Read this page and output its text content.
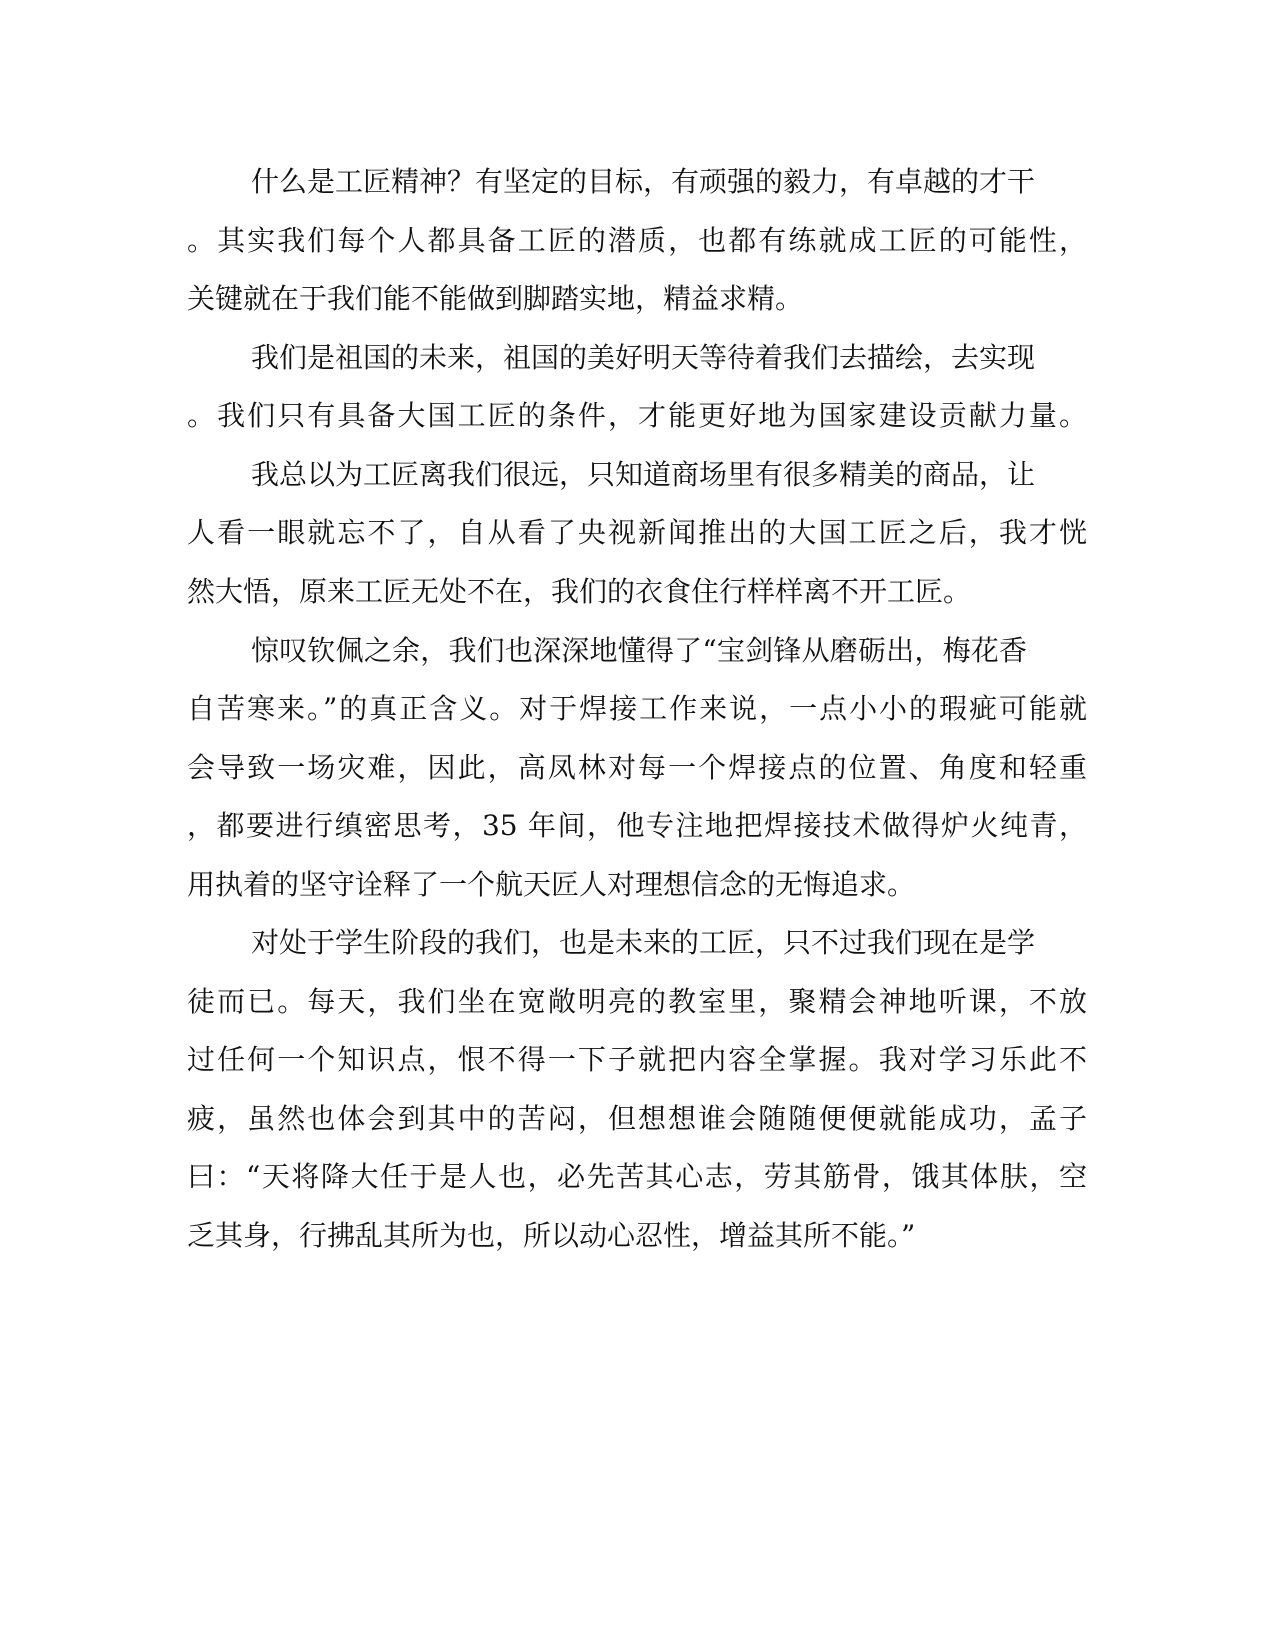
什么是工匠精神？有坚定的目标，有顽强的毅力，有卓越的才干
。其实我们每个人都具备工匠的潜质，也都有练就成工匠的可能性，
关键就在于我们能不能做到脚踏实地，精益求精。
我们是祖国的未来，祖国的美好明天等待着我们去描绘，去实现
。我们只有具备大国工匠的条件，才能更好地为国家建设贡献力量。
我总以为工匠离我们很远，只知道商场里有很多精美的商品，让
人看一眼就忘不了，自从看了央视新闻推出的大国工匠之后，我才恍
然大悟，原来工匠无处不在，我们的衣食住行样样离不开工匠。
惊叹钦佩之余，我们也深深地懂得了“宝剑锋从磨砺出，梅花香
自苦寒来。”的真正含义。对于焊接工作来说，一点小小的瑕疵可能就
会导致一场灾难，因此，高凤林对每一个焊接点的位置、角度和轻重
，都要进行缜密思考，35 年间，他专注地把焊接技术做得炉火纯青，
用执着的坚守诠释了一个航天匠人对理想信念的无悔追求。
对处于学生阶段的我们，也是未来的工匠，只不过我们现在是学
徒而已。每天，我们坐在宽敞明亮的教室里，聚精会神地听课，不放
过任何一个知识点，恨不得一下子就把内容全掌握。我对学习乐此不
疲，虽然也体会到其中的苦闷，但想想谁会随随便便就能成功，孟子
曰：“天将降大任于是人也，必先苦其心志，劳其筋骨，饿其体肤，空
乏其身，行拂乱其所为也，所以动心忍性，增益其所不能。”
